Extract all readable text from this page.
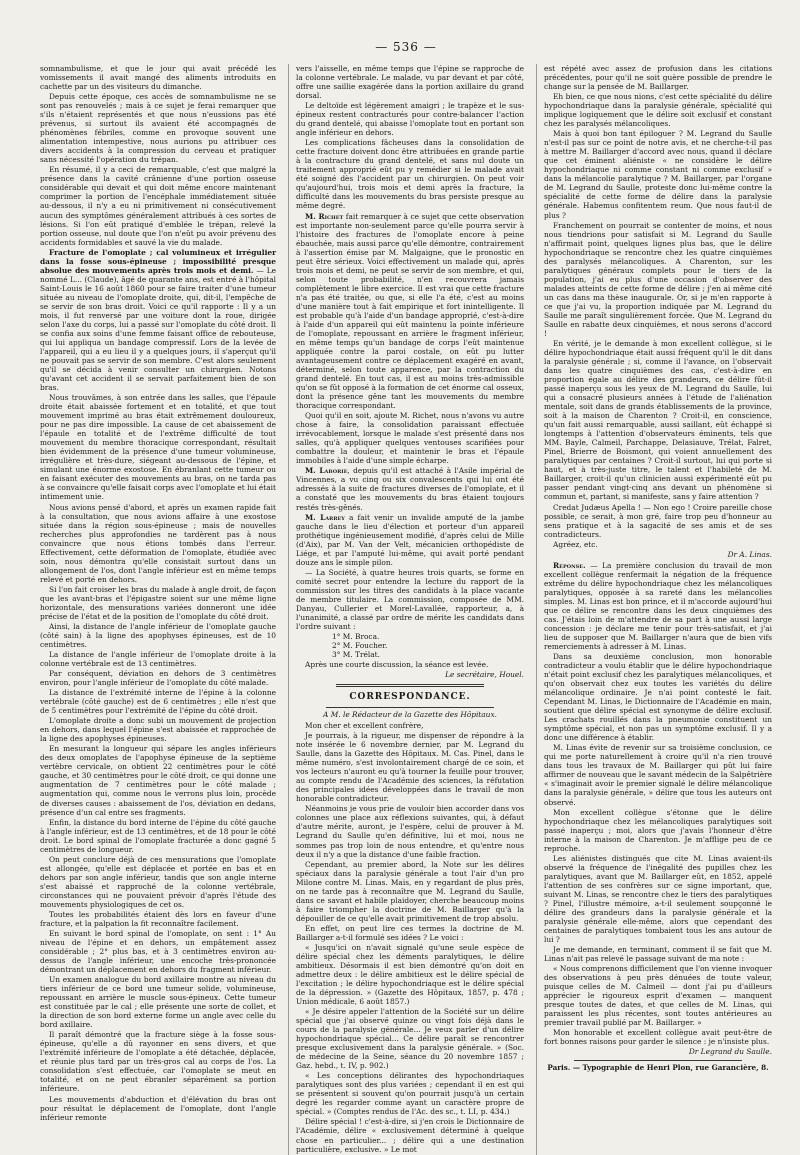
— 536 —

somnambulisme, et que le jour qui avait précédé les vomissements il avait mangé des aliments introduits en cachette par un des visiteurs du dimanche.

Depuis cette époque, ces accès de somnambulisme ne se sont pas renouvelés ; mais à ce sujet je ferai remarquer que s'ils n'étaient représentés et que nous n'eussions pas été prévenus, si surtout ils avaient été accompagnés de phénomènes fébriles, comme en provoque souvent une alimentation intempestive, nous aurions pu attribuer ces divers accidents à la compression du cerveau et pratiquer sans nécessité l'opération du trépan.

En résumé, il y a ceci de remarquable, c'est que malgré la présence dans la cavité crânienne d'une portion osseuse considérable qui devait et qui doit même encore maintenant comprimer la portion de l'encéphale immédiatement située au-dessous, il n'y a eu ni primitivement ni consécutivement aucun des symptômes généralement attribués à ces sortes de lésions. Si l'on eût pratiqué d'emblée le trépan, relevé la portion osseuse, nul doute que l'on n'eût pu avoir prévenu des accidents formidables et sauvé la vie du malade.

Fracture de l'omoplate ; cal volumineux et irrégulier dans la fosse sous-épineuse ; impossibilité presque absolue des mouvements après trois mois et demi. — Le nommé L... (Claude), âgé de quarante ans, est entré à l'hôpital Saint-Louis le 16 août 1860 pour se faire traiter d'une tumeur située au niveau de l'omoplate droite, qui, dit-il, l'empêche de se servir de son bras droit. Voici ce qu'il rapporte : Il y a un mois, il fut renversé par une voiture dont la roue, dirigée selon l'axe du corps, lui a passé sur l'omoplate du côté droit. Il se confia aux soins d'une femme faisant office de rebouteuse, qui lui appliqua un bandage compressif. Lors de la levée de l'appareil, qui a eu lieu il y a quelques jours, il s'aperçut qu'il ne pouvait pas se servir de son membre. C'est alors seulement qu'il se décida à venir consulter un chirurgien. Notons qu'avant cet accident il se servait parfaitement bien de son bras.

Nous trouvâmes, à son entrée dans les salles, que l'épaule droite était abaissée fortement et en totalité, et que tout mouvement imprimé au bras était extrêmement douloureux, pour ne pas dire impossible. La cause de cet abaissement de l'épaule en totalité et de l'extrême difficulté de tout mouvement du membre thoracique correspondant, résultait bien évidemment de la présence d'une tumeur volumineuse, irrégulière et très-dure, siégeant au-dessous de l'épine, et simulant une énorme exostose. En ébranlant cette tumeur ou en faisant exécuter des mouvements au bras, on ne tarda pas à se convaincre qu'elle faisait corps avec l'omoplate et lui était intimement unie.

Nous avions pensé d'abord, et après un examen rapide fait à la consultation, que nous avions affaire à une exostose située dans la région sous-épineuse ; mais de nouvelles recherches plus approfondies ne tardèrent pas à nous convaincre que nous étions tombés dans l'erreur. Effectivement, cette déformation de l'omoplate, étudiée avec soin, nous démontra qu'elle consistait surtout dans un allongement de l'os, dont l'angle inférieur est en même temps relevé et porté en dehors.

Si l'on fait croiser les bras du malade à angle droit, de façon que les avant-bras et l'épigastre soient sur une même ligne horizontale, des mensurations variées donneront une idée précise de l'état et de la position de l'omoplate du côté droit.

Ainsi, la distance de l'angle inférieur de l'omoplate gauche (côté sain) à la ligne des apophyses épineuses, est de 10 centimètres.

La distance de l'angle inférieur de l'omoplate droite à la colonne vertébrale est de 13 centimètres.

Par conséquent, déviation en dehors de 3 centimètres environ, pour l'angle inférieur de l'omoplate du côté malade.

La distance de l'extrémité interne de l'épine à la colonne vertébrale (côté gauche) est de 6 centimètres ; elle n'est que de 5 centimètres pour l'extrémité de l'épine du côté droit.

L'omoplate droite a donc subi un mouvement de projection en dehors, dans lequel l'épine s'est abaissée et rapprochée de la ligne des apophyses épineuses.

En mesurant la longueur qui sépare les angles inférieurs des deux omoplates de l'apophyse épineuse de la septième vertèbre cervicale, on obtient 22 centimètres pour le côté gauche, et 30 centimètres pour le côté droit, ce qui donne une augmentation de 7 centimètres pour le côté malade ; augmentation qui, comme nous le verrons plus loin, procède de diverses causes : abaissement de l'os, déviation en dedans, présence d'un cal entre ses fragments.

Enfin, la distance du bord interne de l'épine du côté gauche à l'angle inférieur, est de 13 centimètres, et de 18 pour le côté droit. Le bord spinal de l'omoplate fracturée a donc gagné 5 centimètres de longueur.

On peut conclure déjà de ces mensurations que l'omoplate est allongée, qu'elle est déplacée et portée en bas et en dehors par son angle inférieur, tandis que son angle interne s'est abaissé et rapproché de la colonne vertébrale, circonstances qui ne pouvaient prévoir d'après l'étude des mouvements physiologiques de cet os.

Toutes les probabilités étaient dès lors en faveur d'une fracture, et la palpation la fit reconnaître facilement.

En suivant le bord spinal de l'omoplate, on sent : 1° Au niveau de l'épine et en dehors, un empâtement assez considérable ; 2° plus bas, et à 3 centimètres environ au-dessus de l'angle inférieur, une encoche très-prononcée démontrant un déplacement en dehors du fragment inférieur.

Un examen analogue du bord axillaire montre au niveau du tiers inférieur de ce bord une tumeur solide, volumineuse, repoussant en arrière le muscle sous-épineux. Cette tumeur est constituée par le cal ; elle présente une sorte de collet, et la direction de son bord externe forme un angle avec celle du bord axillaire.

Il paraît démontré que la fracture siège à la fosse sous-épineuse, qu'elle a dû rayonner en sens divers, et que l'extrémité inférieure de l'omoplate a été détachée, déplacée, et réunie plus tard par un très-gros cal au corps de l'os. La consolidation s'est effectuée, car l'omoplate se meut en totalité, et on ne peut ébranler séparément sa portion inférieure.

Les mouvements d'abduction et d'élévation du bras ont pour résultat le déplacement de l'omoplate, dont l'angle inférieur remonte

vers l'aisselle, en même temps que l'épine se rapproche de la colonne vertébrale. Le malade, vu par devant et par côté, offre une saillie exagérée dans la portion axillaire du grand dorsal.

Le deltoïde est légèrement amaigri ; le trapèze et le sus-épineux restent contracturés pour contre-balancer l'action du grand dentelé, qui abaisse l'omoplate tout en portant son angle inférieur en dehors.

Les complications fâcheuses dans la consolidation de cette fracture doivent donc être attribuées en grande partie à la contracture du grand dentelé, et sans nul doute un traitement approprié eût pu y remédier si le malade avait été soigné dès l'accident par un chirurgien. On peut voir qu'aujourd'hui, trois mois et demi après la fracture, la difficulté dans les mouvements du bras persiste presque au même degré.

M. Richet fait remarquer à ce sujet que cette observation est importante non-seulement parce qu'elle pourra servir à l'histoire des fractures de l'omoplate encore à peine ébauchée, mais aussi parce qu'elle démontre, contrairement à l'assertion émise par M. Malgaigne, que le pronostic en peut être sérieux. Voici effectivement un malade qui, après trois mois et demi, ne peut se servir de son membre, et qui, selon toute probabilité, n'en recouvrera jamais complètement le libre exercice. Il est vrai que cette fracture n'a pas été traitée, ou que, si elle l'a été, c'est au moins d'une manière tout à fait empirique et fort inintelligente. Il est probable qu'à l'aide d'un bandage approprié, c'est-à-dire à l'aide d'un appareil qui eût maintenu la pointe inférieure de l'omoplate, repoussant en arrière le fragment inférieur, en même temps qu'un bandage de corps l'eût maintenue appliquée contre la paroi costale, on eût pu lutter avantageusement contre ce déplacement exagéré en avant, déterminé, selon toute apparence, par la contraction du grand dentelé. En tout cas, il est au moins très-admissible qu'on se fût opposé à la formation de cet énorme cal osseux, dont la présence gêne tant les mouvements du membre thoracique correspondant.

Quoi qu'il en soit, ajoute M. Richet, nous n'avons vu autre chose à faire, la consolidation paraissant effectuée irrévocablement, lorsque le malade s'est présenté dans nos salles, qu'à appliquer quelques ventouses scarifiées pour combattre la douleur, et maintenir le bras et l'épaule immobiles à l'aide d'une simple écharpe.

M. Laborie, depuis qu'il est attaché à l'Asile impérial de Vincennes, a vu cinq ou six convalescents qui lui ont été adressés à la suite de fractures diverses de l'omoplate, et il a constaté que les mouvements du bras étaient toujours restés très-gênés.

M. Larrey a fait venir un invalide amputé de la jambe gauche dans le lieu d'élection et porteur d'un appareil prothétique ingénieusement modifié, d'après celui de Mille (d'Aix), par M. Van der Velt, mécanicien orthopédiste de Liége, et par l'amputé lui-même, qui avait porté pendant douze ans le simple pilon.

— La Société, à quatre heures trois quarts, se forme en comité secret pour entendre la lecture du rapport de la commission sur les titres des candidats à la place vacante de membre titulaire. La commission, composée de MM. Danyau, Cullerier et Morel-Lavallée, rapporteur, a, à l'unanimité, a classé par ordre de mérite les candidats dans l'ordre suivant :

1° M. Broca.
2° M. Foucher.
3° M. Trélat.

Après une courte discussion, la séance est levée.

Le secrétaire, Houel.
CORRESPONDANCE.
A M. le Rédacteur de la Gazette des Hôpitaux.

Mon cher et excellent confrère,

Je pourrais, à la rigueur, me dispenser de répondre à la note insérée le 6 novembre dernier, par M. Legrand du Saulle, dans la Gazette des Hôpitaux. M. Cas. Pinel, dans le même numéro, s'est involontairement chargé de ce soin, et vos lecteurs n'auront eu qu'à tourner la feuille pour trouver, au compte rendu de l'Académie des sciences, la réfutation des principales idées développées dans le travail de mon honorable contradicteur.

Néanmoins je vous prie de vouloir bien accorder dans vos colonnes une place aux réflexions suivantes, qui, à défaut d'autre mérite, auront, je l'espère, celui de prouver à M. Legrand du Saulle qu'en définitive, lui et moi, nous ne sommes pas trop loin de nous entendre, et qu'entre nous deux il n'y a que la distance d'une faible fraction.

Cependant, au premier abord, la Note sur les délires spéciaux dans la paralysie générale a tout l'air d'un pro Milone contre M. Linas. Mais, en y regardant de plus près, on ne tarde pas à reconnaître que M. Legrand du Saulle, dans ce savant et habile plaidoyer, cherche beaucoup moins à faire triompher la doctrine de M. Baillarger qu'à la dépouiller de ce qu'elle avait primitivement de trop absolu.

En effet, on peut lire ces termes la doctrine de M. Baillarger a-t-il formulé ses idées ? Le voici :

« Jusqu'ici on n'avait signalé qu'une seule espèce de délire spécial chez les déments paralytiques, le délire ambitieux. Désormais il est bien démontré qu'on doit en admettre deux : le délire ambitieux est le délire spécial de l'excitation ; le délire hypochondriaque est le délire spécial de la dépression. » (Gazette des Hôpitaux, 1857, p. 478 ; Union médicale, 6 août 1857.)

« Je désire appeler l'attention de la Société sur un délire spécial que j'ai observé quinze ou vingt fois déjà dans le cours de la paralysie générale... Je veux parler d'un délire hypochondriaque spécial... Ce délire paraît se rencontrer presque exclusivement dans la paralysie générale. » (Soc. de médecine de la Seine, séance du 20 novembre 1857 ; Gaz. hebd., t. IV, p. 902.)

« Les conceptions délirantes des hypochondriaques paralytiques sont des plus variées ; cependant il en est qui se présentent si souvent qu'on pourrait jusqu'à un certain degré les regarder comme ayant un caractère propre de spécial. » (Comptes rendus de l'Ac. des sc., t. LI, p. 434.)

Délire spécial ! c'est-à-dire, si j'en crois le Dictionnaire de l'Académie, délire « exclusivement déterminé à quelque chose en particulier... ; délire qui a une destination particulière, exclusive. » Le mot

est répété avec assez de profusion dans les citations précédentes, pour qu'il ne soit guère possible de prendre le change sur la pensée de M. Baillarger.

Eh bien, ce que nous nions, c'est cette spécialité du délire hypochondriaque dans la paralysie générale, spécialité qui implique logiquement que le délire soit exclusif et constant chez les paralysés mélancoliques.

Mais à quoi bon tant épiloguer ? M. Legrand du Saulle n'est-il pas sur ce point de notre avis, et ne cherche-t-il pas à mettre M. Baillarger d'accord avec nous, quand il déclare que cet éminent aliéniste « ne considère le délire hypochondriaque ni comme constant ni comme exclusif » dans la mélancolie paralytique ? M. Baillarger, par l'organe de M. Legrand du Saulle, proteste donc lui-même contre la spécialité de cette forme de délire dans la paralysie générale. Habemus confitentem reum. Que nous faut-il de plus ?

Franchement on pourrait se contenter de moins, et nous nous tiendrions pour satisfait si M. Legrand du Saulle n'affirmait point, quelques lignes plus bas, que le délire hypochondriaque se rencontre chez les quatre cinquièmes des paralysés mélancoliques. A Charenton, sur les paralytiques généraux complets pour le tiers de la population, j'ai eu plus d'une occasion d'observer des malades atteints de cette forme de délire ; j'en ai même cité un cas dans ma thèse inaugurale. Or, si je m'en rapporte à ce que j'ai vu, la proportion indiquée par M. Legrand du Saulle me paraît singulièrement forcée. Que M. Legrand du Saulle en rabatte deux cinquièmes, et nous serons d'accord !

En vérité, je le demande à mon excellent collègue, si le délire hypochondriaque était aussi fréquent qu'il le dit dans la paralysie générale ; si, comme il l'avance, on l'observait dans les quatre cinquièmes des cas, c'est-à-dire en proportion égale au délire des grandeurs, ce délire fût-il passé inaperçu sous les yeux de M. Legrand du Saulle, lui qui a consacré plusieurs années à l'étude de l'aliénation mentale, soit dans de grands établissements de la province, soit à la maison de Charenton ? Croit-il, en conscience, qu'un fait aussi remarquable, aussi saillant, eût échappé si longtemps à l'attention d'observateurs éminents, tels que MM. Bayle, Calmeil, Parchappe, Delasiauve, Trélat, Falret, Pinel, Brierre de Boismont, qui voient annuellement des paralytiques par centaines ? Croit-il surtout, lui qui porte si haut, et à très-juste titre, le talent et l'habileté de M. Baillarger, croit-il qu'un clinicien aussi expérimenté eût pu passer pendant vingt-cinq ans devant un phénomène si commun et, partant, si manifeste, sans y faire attention ?

Credat Judæus Apella ! — Non ego ! Croire pareille chose possible, ce serait, à mon gré, faire trop peu d'honneur au sens pratique et à la sagacité de ses amis et de ses contradicteurs.

Agréez, etc.

Dr A. Linas.

Réponse. — La première conclusion du travail de mon excellent collègue renfermait la négation de la fréquence extrême du délire hypochondriaque chez les mélancoliques paralytiques, opposée à sa rareté dans les mélancolies simples. M. Linas est bon prince, et il m'accorde aujourd'hui que ce délire se rencontre dans les deux cinquièmes des cas. J'étais loin de m'attendre de sa part à une aussi large concession : je déclare me tenir pour très-satisfait, et j'ai lieu de supposer que M. Baillarger n'aura que de bien vifs remerciements à adresser à M. Linas.

Dans sa deuxième conclusion, mon honorable contradicteur a voulu établir que le délire hypochondriaque n'était point exclusif chez les paralytiques mélancoliques, et qu'on observait chez eux toutes les variétés du délire mélancolique ordinaire. Je n'ai point contesté le fait. Cependant M. Linas, le Dictionnaire de l'Académie en main, soutient que délire spécial est synonyme de délire exclusif. Les crachats rouillés dans la pneumonie constituent un symptôme spécial, et non pas un symptôme exclusif. Il y a donc une différence à établir.

M. Linas évite de revenir sur sa troisième conclusion, ce qui me porte naturellement à croire qu'il n'a rien trouvé dans tous les travaux de M. Baillarger qui pût lui faire affirmer de nouveau que le savant médecin de la Salpêtrière « s'imaginait avoir le premier signalé le délire mélancolique dans la paralysie générale, » délire que tous les auteurs ont observé.

Mon excellent collègue s'étonne que le délire hypochondriaque chez les mélancoliques paralytiques soit passé inaperçu ; moi, alors que j'avais l'honneur d'être interne à la maison de Charenton. Je m'afflige peu de ce reproche.

Les aliénistes distingués que cite M. Linas avaient-ils observé la fréquence de l'inégalité des pupilles chez les paralytiques, avant que M. Baillarger eût, en 1852, appelé l'attention de ses confrères sur ce signe important, que, suivant M. Linas, se rencontre chez le tiers des paralytiques ? Pinel, l'illustre mémoire, a-t-il seulement soupçonné le délire des grandeurs dans la paralysie générale et la paralysie générale elle-même, alors que cependant des centaines de paralytiques tombaient tous les ans autour de lui ?

Je me demande, en terminant, comment il se fait que M. Linas n'ait pas relevé le passage suivant de ma note :

« Nous comprenons difficilement que l'on vienne invoquer des observations à peu près dénuées de toute valeur, puisque celles de M. Calmeil — dont j'ai pu d'ailleurs apprécier le rigoureux esprit d'examen — manquent presque toutes de dates, et que celles de M. Linas, qui paraissent les plus récentes, sont toutes antérieures au premier travail publié par M. Baillarger. »

Mon honorable et excellent collègue avait peut-être de fort bonnes raisons pour garder le silence : je n'insiste plus.

Dr Legrand du Saulle.
Paris. — Typographie de Henri Plon, rue Garancière, 8.
